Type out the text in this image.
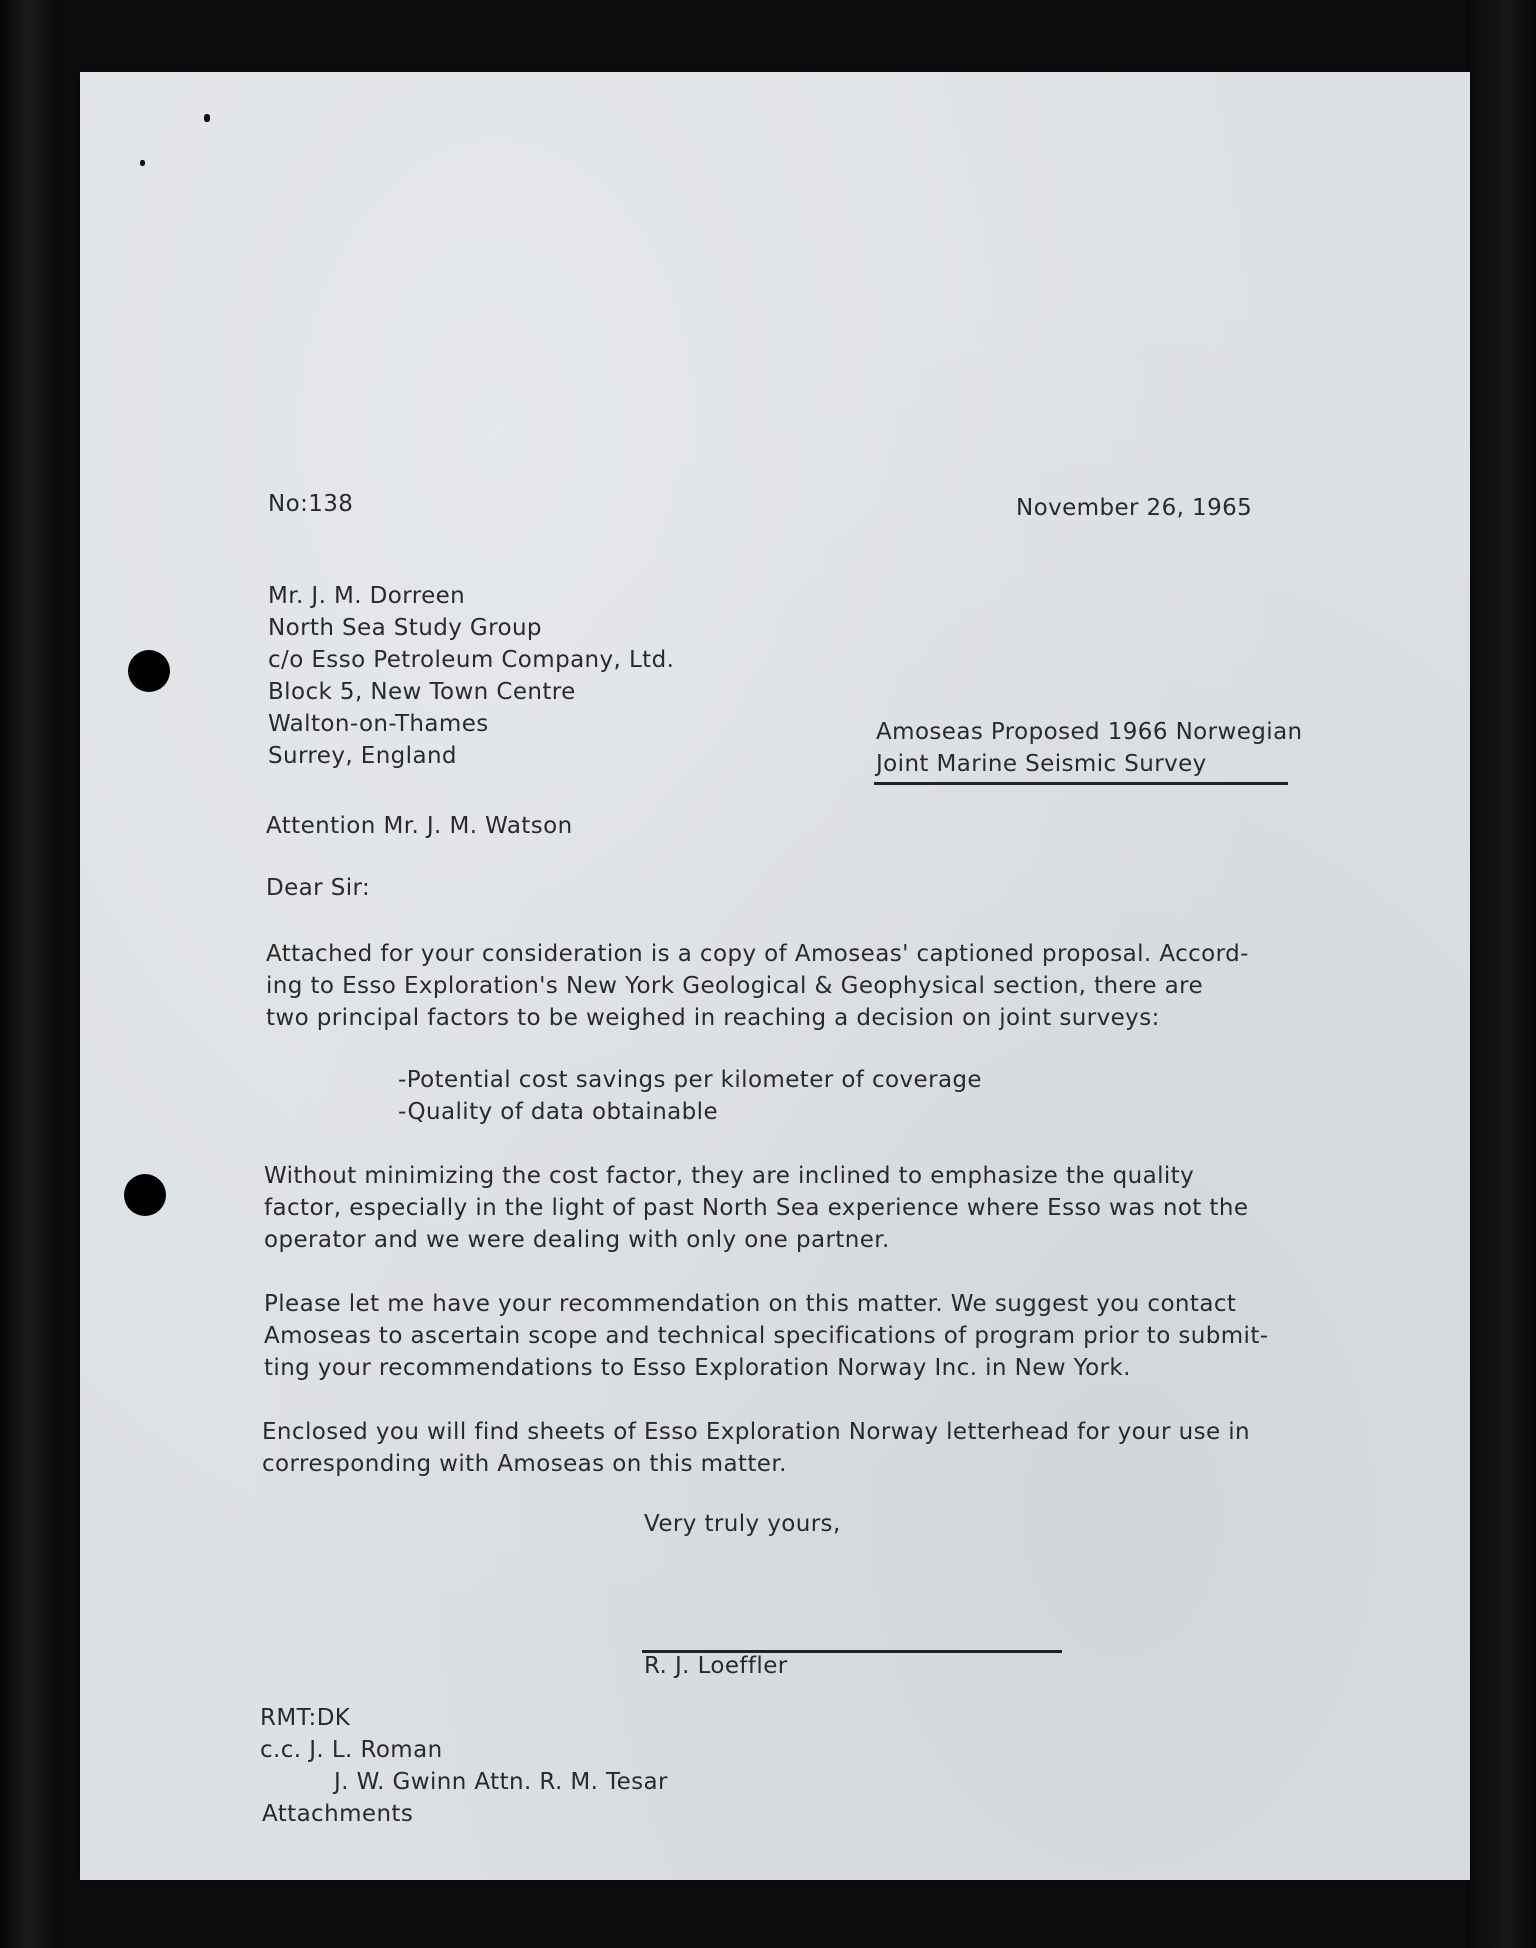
No:138	November 26, 1965
Mr. J. M. Dorreen
North Sea Study Group
c/o Esso Petroleum Company, Ltd.
Block 5, New Town Centre
Walton-on-Thames
Surrey, England
Amoseas Proposed 1966 Norwegian
Joint Marine Seismic Survey
Attention Mr. J. M. Watson
Dear Sir:
Attached for your consideration is a copy of Amoseas' captioned proposal. Accord-
ing to Esso Exploration's New York Geological & Geophysical section, there are
two principal factors to be weighed in reaching a decision on joint surveys:
-Potential cost savings per kilometer of coverage
-Quality of data obtainable
Without minimizing the cost factor, they are inclined to emphasize the quality
factor, especially in the light of past North Sea experience where Esso was not the
operator and we were dealing with only one partner.
Please let me have your recommendation on this matter. We suggest you contact
Amoseas to ascertain scope and technical specifications of program prior to submit-
ting your recommendations to Esso Exploration Norway Inc. in New York.
Enclosed you will find sheets of Esso Exploration Norway letterhead for your use in
corresponding with Amoseas on this matter.
Very truly yours,
R. J. Loeffler
RMT:DK
c.c. J. L. Roman
J. W. Gwinn Attn. R. M. Tesar
Attachments
